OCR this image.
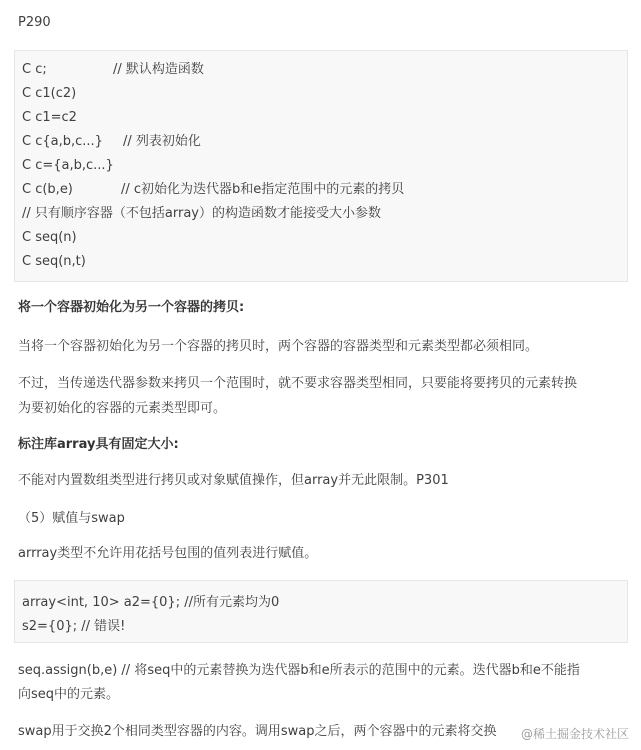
P290

C c;	// 默认构造函数
C c1(c2)
C c1=c2
C c{a,b,c...} // 列表初始化
C c={a,b,c...}
C c(b,e)	// c初始化为迭代器b和e指定范围中的元素的拷贝
// 只有顺序容器（不包括array）的构造函数才能接受大小参数
C seq(n)
C seq(n,t)

将一个容器初始化为另一个容器的拷贝:

当将一个容器初始化为另一个容器的拷贝时，两个容器的容器类型和元素类型都必须相同。

不过，当传递迭代器参数来拷贝一个范围时，就不要求容器类型相同，只要能将要拷贝的元素转换

为要初始化的容器的元素类型即可。

标注库array具有固定大小:

不能对内置数组类型进行拷贝或对象赋值操作，但array并无此限制。P301

（5）赋值与swap

arrray类型不允许用花括号包围的值列表进行赋值。

array<int, 10> a2={0}; //所有元素均为0
s2={0}; // 错误!

seq.assign(b,e) // 将seq中的元素替换为迭代器b和e所表示的范围中的元素。迭代器b和e不能指

向seq中的元素。

swap用于交换2个相同类型容器的内容。调用swap之后，两个容器中的元素将交换 @稀土掘金技术社区
